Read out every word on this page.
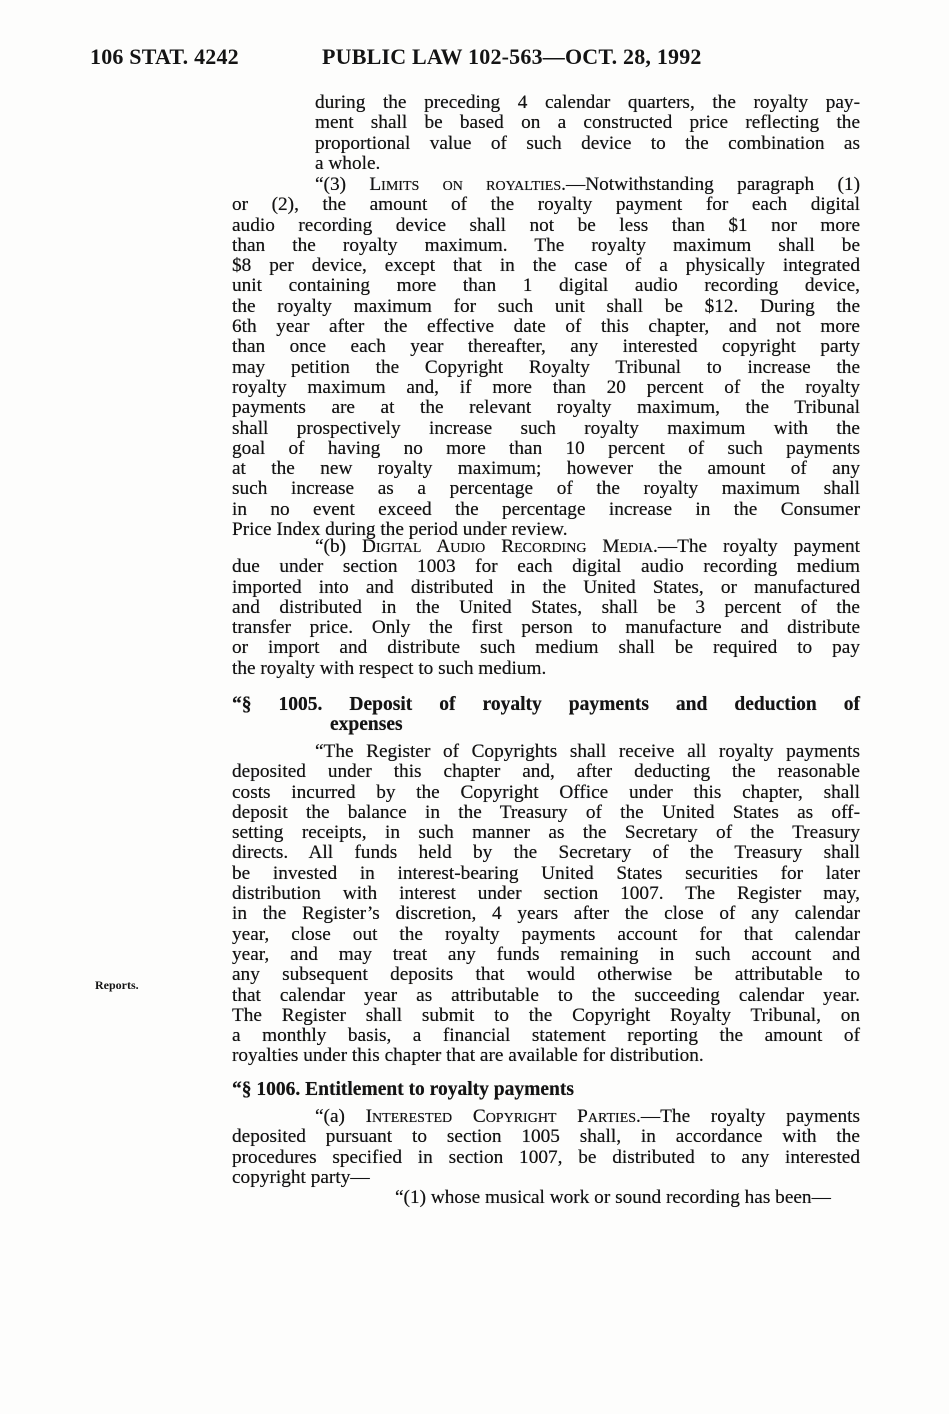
106 STAT. 4242	PUBLIC LAW 102-563—OCT. 28, 1992
Reports.
during the preceding 4 calendar quarters, the royalty pay-
ment shall be based on a constructed price reflecting the
proportional value of such device to the combination as
a whole.
“(3) Limits on royalties.—Notwithstanding paragraph (1)
or (2), the amount of the royalty payment for each digital
audio recording device shall not be less than $1 nor more
than the royalty maximum. The royalty maximum shall be
$8 per device, except that in the case of a physically integrated
unit containing more than 1 digital audio recording device,
the royalty maximum for such unit shall be $12. During the
6th year after the effective date of this chapter, and not more
than once each year thereafter, any interested copyright party
may petition the Copyright Royalty Tribunal to increase the
royalty maximum and, if more than 20 percent of the royalty
payments are at the relevant royalty maximum, the Tribunal
shall prospectively increase such royalty maximum with the
goal of having no more than 10 percent of such payments
at the new royalty maximum; however the amount of any
such increase as a percentage of the royalty maximum shall
in no event exceed the percentage increase in the Consumer
Price Index during the period under review.
“(b) Digital Audio Recording Media.—The royalty payment
due under section 1003 for each digital audio recording medium
imported into and distributed in the United States, or manufactured
and distributed in the United States, shall be 3 percent of the
transfer price. Only the first person to manufacture and distribute
or import and distribute such medium shall be required to pay
the royalty with respect to such medium.
“§ 1005. Deposit of royalty payments and deduction of
expenses
“The Register of Copyrights shall receive all royalty payments
deposited under this chapter and, after deducting the reasonable
costs incurred by the Copyright Office under this chapter, shall
deposit the balance in the Treasury of the United States as off-
setting receipts, in such manner as the Secretary of the Treasury
directs. All funds held by the Secretary of the Treasury shall
be invested in interest-bearing United States securities for later
distribution with interest under section 1007. The Register may,
in the Register’s discretion, 4 years after the close of any calendar
year, close out the royalty payments account for that calendar
year, and may treat any funds remaining in such account and
any subsequent deposits that would otherwise be attributable to
that calendar year as attributable to the succeeding calendar year.
The Register shall submit to the Copyright Royalty Tribunal, on
a monthly basis, a financial statement reporting the amount of
royalties under this chapter that are available for distribution.
“§ 1006. Entitlement to royalty payments
“(a) Interested Copyright Parties.—The royalty payments
deposited pursuant to section 1005 shall, in accordance with the
procedures specified in section 1007, be distributed to any interested
copyright party—
“(1) whose musical work or sound recording has been—
